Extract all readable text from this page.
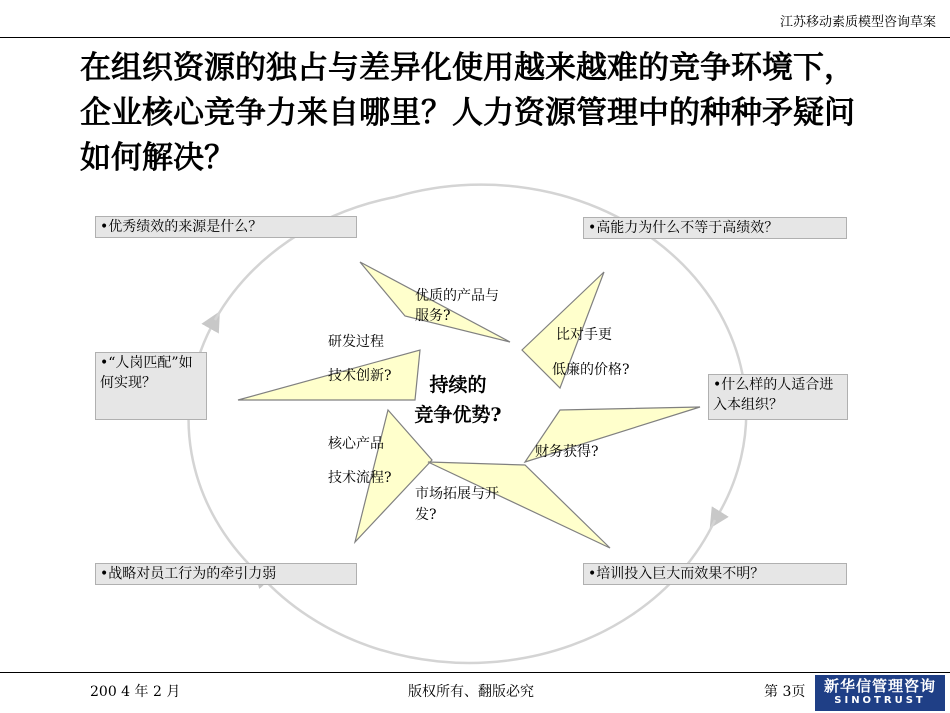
江苏移动素质模型咨询草案
在组织资源的独占与差异化使用越来越难的竞争环境下，企业核心竞争力来自哪里？人力资源管理中的种种矛疑问如何解决？
•优秀绩效的来源是什么？	•高能力为什么不等于高绩效？
•“人岗匹配”如何实现？	•什么样的人适合进入本组织？
•战略对员工行为的牵引力弱	•培训投入巨大而效果不明？
优质的产品与
服务?
比对手更
低廉的价格?
研发过程
技术创新?
财务获得?
核心产品
技术流程?
市场拓展与开
发?
持续的
竞争优势?
200 4 年 2 月	版权所有、翻版必究	第 3页	新华信管理咨询
SINOTRUST
